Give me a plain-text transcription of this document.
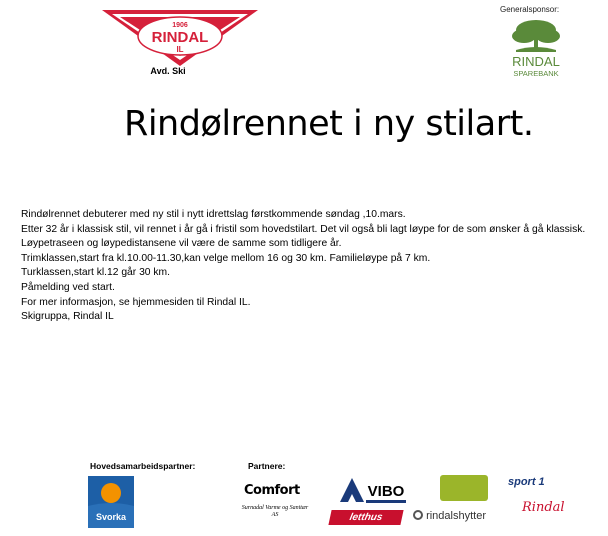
1906
RINDAL
IL
Avd. Ski
Generalsponsor:
RINDAL
SPAREBANK
Rindølrennet i ny stilart.

Rindølrennet debuterer med ny stil i nytt idrettslag førstkommende søndag ,10.mars.

Etter 32 år i klassisk stil, vil rennet i år gå i fristil som hovedstilart. Det vil også bli lagt løype for de som ønsker å gå klassisk.

Løypetraseen og løypedistansene vil være de samme som tidligere år.

Trimklassen,start fra kl.10.00-11.30,kan velge mellom 16 og 30 km. Familieløype på 7 km.

Turklassen,start kl.12 går 30 km.

Påmelding ved start.

For mer informasjon, se hjemmesiden til Rindal IL.

Skigruppa, Rindal IL

Hovedsamarbeidspartner:	Partnere:
Svorka
Comfort
Surnadal Varme og Sanitær AS
VIBO
letthus	rindalshytter
sport 1
Rindal
